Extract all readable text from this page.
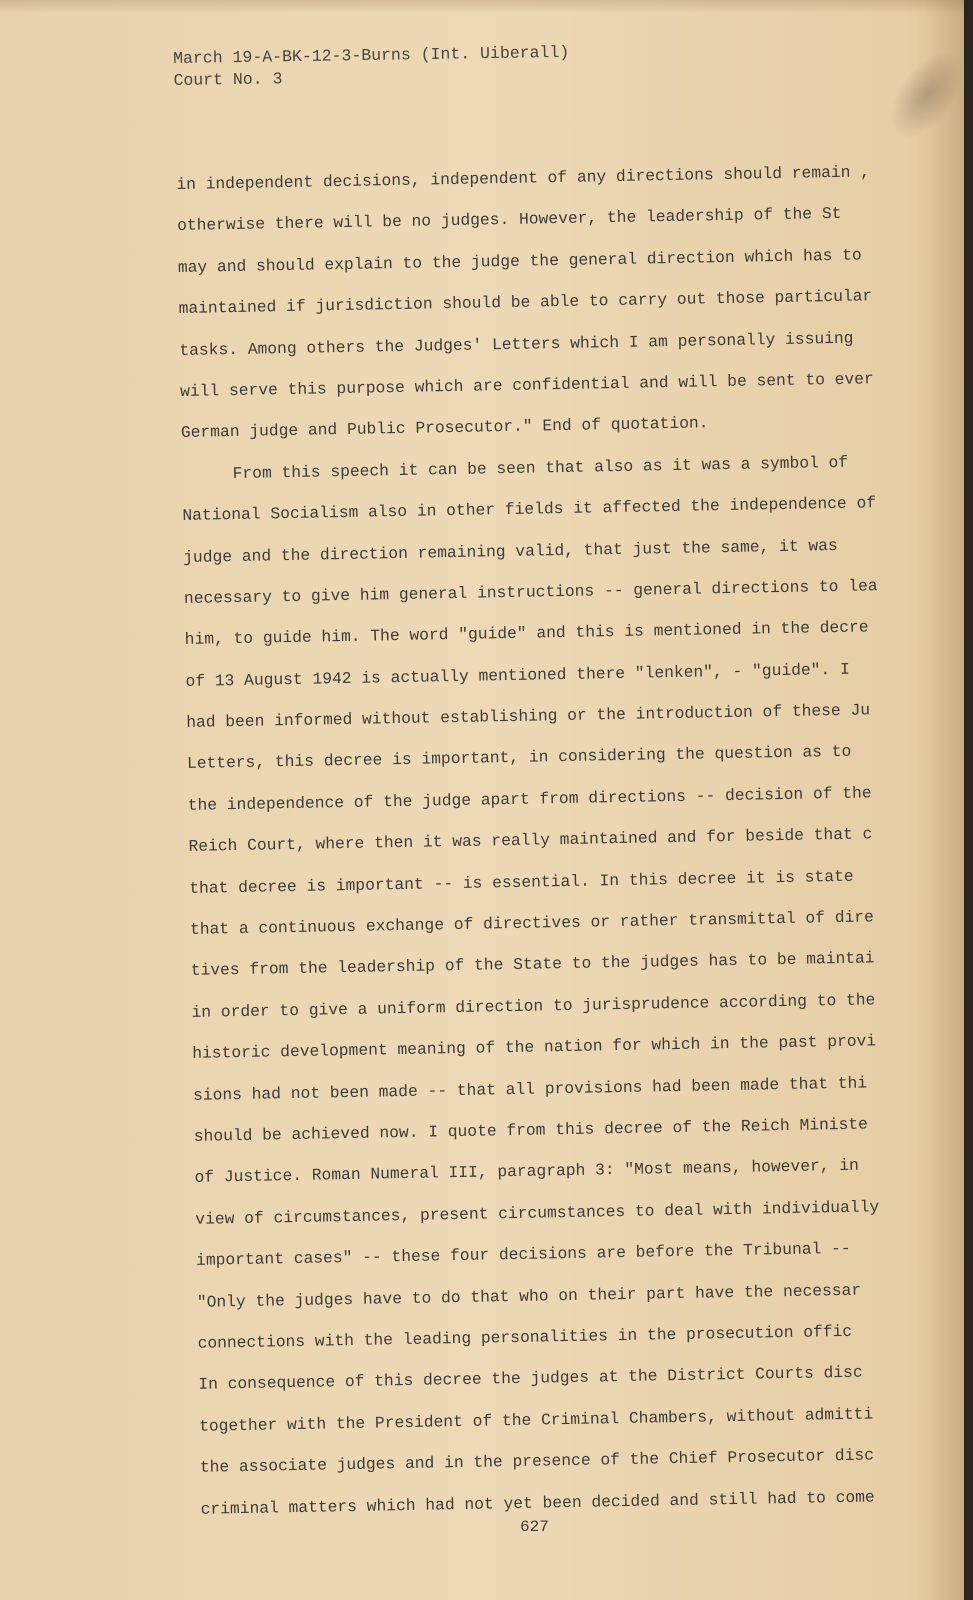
March 19-A-BK-12-3-Burns (Int. Uiberall)
Court No. 3
in independent decisions, independent of any directions should remain ,
otherwise there will be no judges. However, the leadership of the St
may and should explain to the judge the general direction which has to
maintained if jurisdiction should be able to carry out those particular
tasks. Among others the Judges' Letters which I am personally issuing
will serve this purpose which are confidential and will be sent to ever
German judge and Public Prosecutor." End of quotation.
From this speech it can be seen that also as it was a symbol of
National Socialism also in other fields it affected the independence of
judge and the direction remaining valid, that just the same, it was
necessary to give him general instructions -- general directions to lea
him, to guide him. The word "guide" and this is mentioned in the decre
of 13 August 1942 is actually mentioned there "lenken", - "guide". I
had been informed without establishing or the introduction of these Ju
Letters, this decree is important, in considering the question as to
the independence of the judge apart from directions -- decision of the
Reich Court, where then it was really maintained and for beside that c
that decree is important -- is essential. In this decree it is state
that a continuous exchange of directives or rather transmittal of dire
tives from the leadership of the State to the judges has to be maintai
in order to give a uniform direction to jurisprudence according to the
historic development meaning of the nation for which in the past provi
sions had not been made -- that all provisions had been made that thi
should be achieved now. I quote from this decree of the Reich Ministe
of Justice. Roman Numeral III, paragraph 3: "Most means, however, in
view of circumstances, present circumstances to deal with individually
important cases" -- these four decisions are before the Tribunal --
"Only the judges have to do that who on their part have the necessar
connections with the leading personalities in the prosecution offic
In consequence of this decree the judges at the District Courts disc
together with the President of the Criminal Chambers, without admitti
the associate judges and in the presence of the Chief Prosecutor disc
criminal matters which had not yet been decided and still had to come
627
